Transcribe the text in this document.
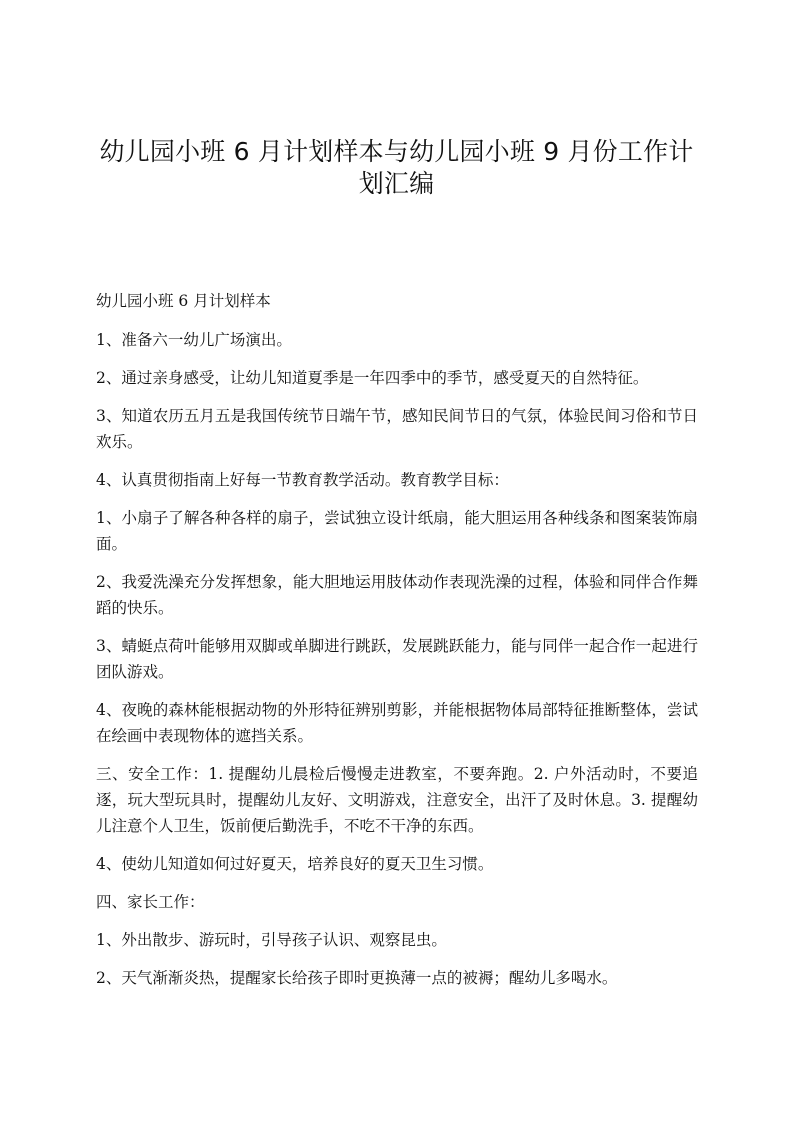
幼儿园小班 6 月计划样本与幼儿园小班 9 月份工作计划汇编

幼儿园小班 6 月计划样本

1、准备六一幼儿广场演出。

2、通过亲身感受，让幼儿知道夏季是一年四季中的季节，感受夏天的自然特征。

3、知道农历五月五是我国传统节日端午节，感知民间节日的气氛，体验民间习俗和节日欢乐。

4、认真贯彻指南上好每一节教育教学活动。教育教学目标：

1、小扇子了解各种各样的扇子，尝试独立设计纸扇，能大胆运用各种线条和图案装饰扇面。

2、我爱洗澡充分发挥想象，能大胆地运用肢体动作表现洗澡的过程，体验和同伴合作舞蹈的快乐。

3、蜻蜓点荷叶能够用双脚或单脚进行跳跃，发展跳跃能力，能与同伴一起合作一起进行团队游戏。

4、夜晚的森林能根据动物的外形特征辨别剪影，并能根据物体局部特征推断整体，尝试在绘画中表现物体的遮挡关系。

三、安全工作：1. 提醒幼儿晨检后慢慢走进教室，不要奔跑。2. 户外活动时，不要追逐，玩大型玩具时，提醒幼儿友好、文明游戏，注意安全，出汗了及时休息。3. 提醒幼儿注意个人卫生，饭前便后勤洗手，不吃不干净的东西。

4、使幼儿知道如何过好夏天，培养良好的夏天卫生习惯。

四、家长工作：

1、外出散步、游玩时，引导孩子认识、观察昆虫。

2、天气渐渐炎热，提醒家长给孩子即时更换薄一点的被褥；醒幼儿多喝水。
